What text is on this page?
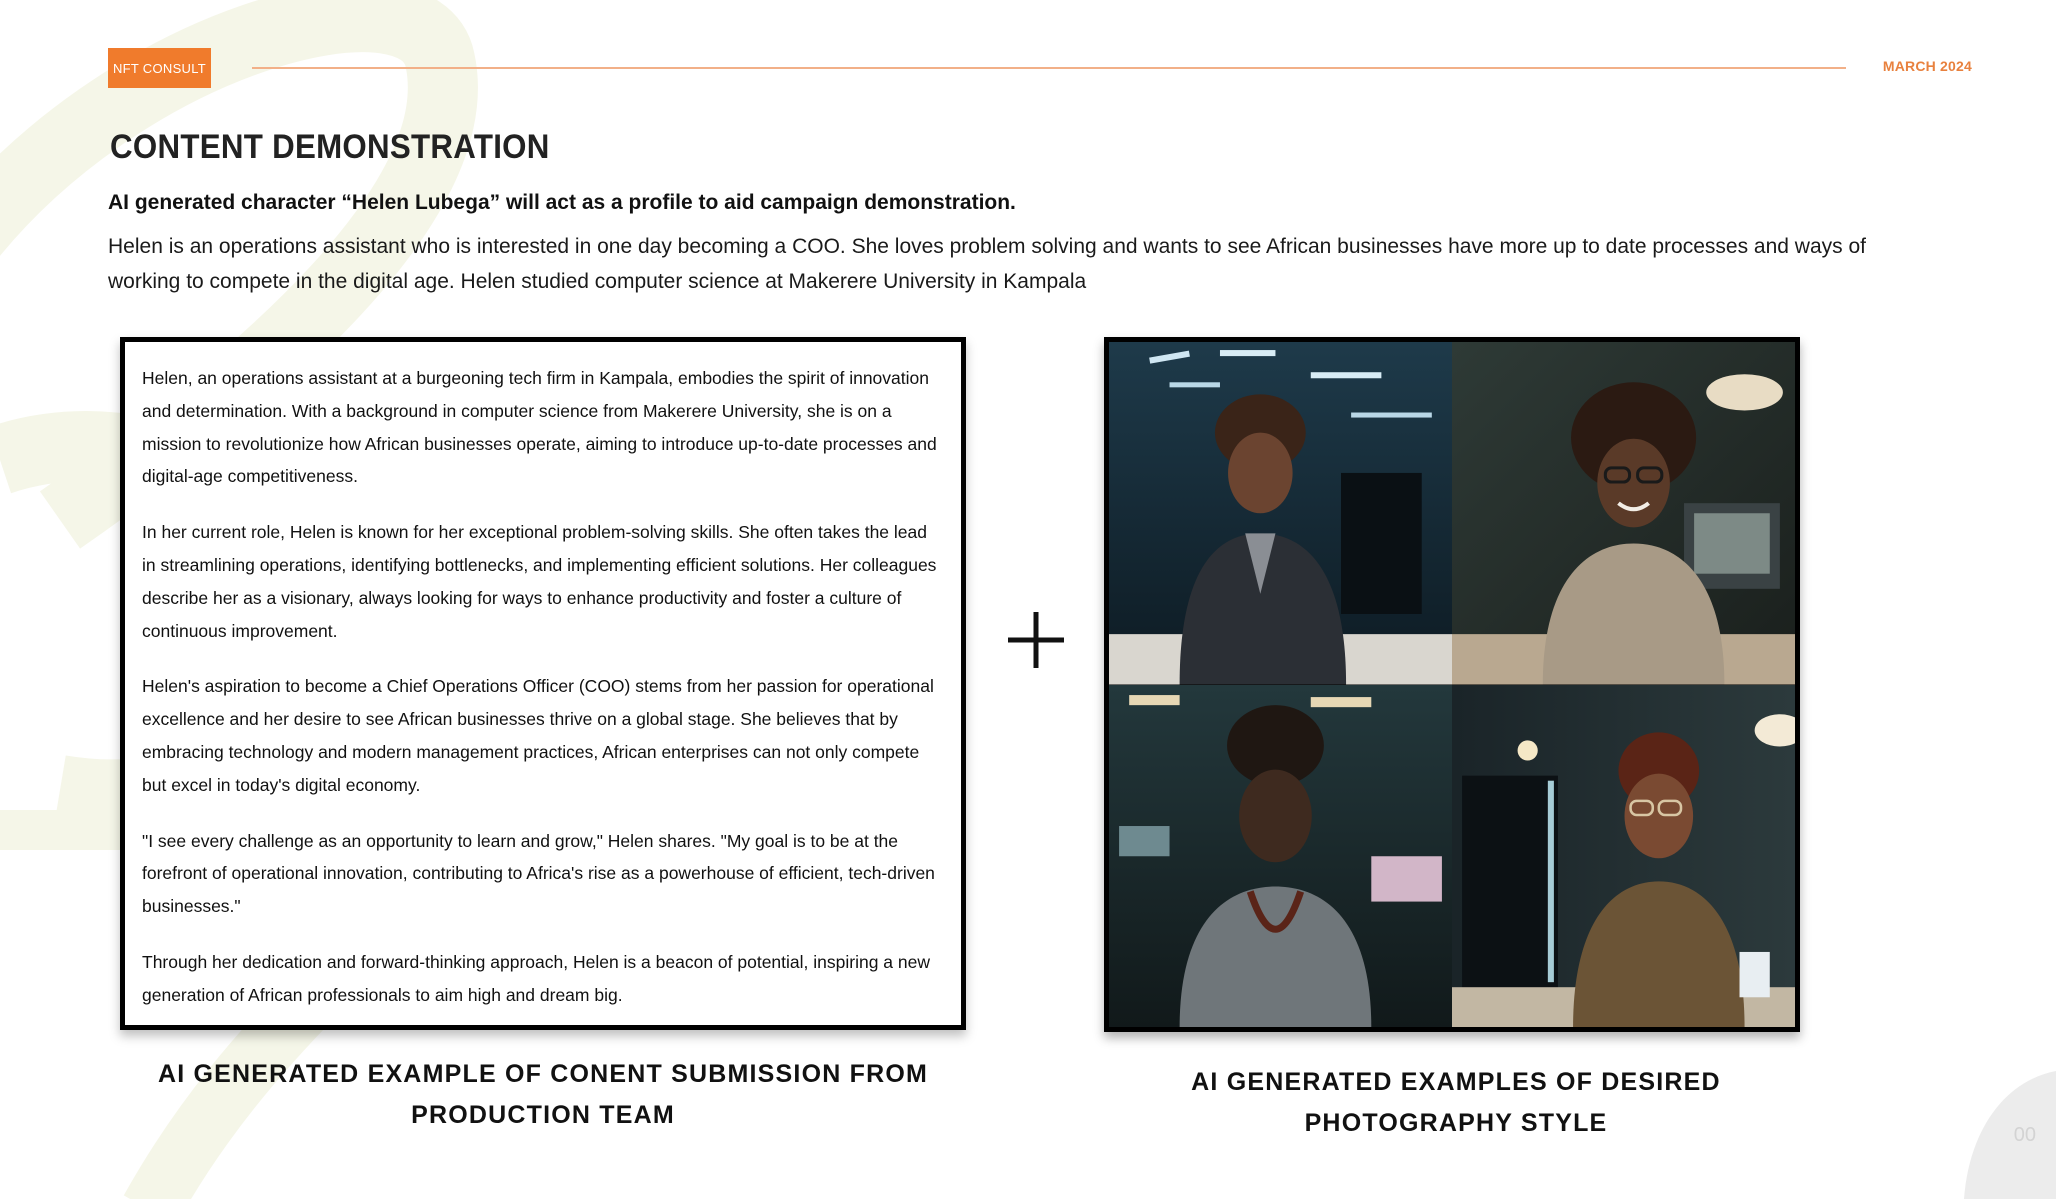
NFT CONSULT	MARCH 2024
CONTENT DEMONSTRATION
AI generated character “Helen Lubega” will act as a profile to aid campaign demonstration.
Helen is an operations assistant who is interested in one day becoming a COO. She loves problem solving and wants to see African businesses have more up to date processes and ways of working to compete in the digital age. Helen studied computer science at Makerere University in Kampala

Helen, an operations assistant at a burgeoning tech firm in Kampala, embodies the spirit of innovation and determination. With a background in computer science from Makerere University, she is on a mission to revolutionize how African businesses operate, aiming to introduce up-to-date processes and digital-age competitiveness.

In her current role, Helen is known for her exceptional problem-solving skills. She often takes the lead in streamlining operations, identifying bottlenecks, and implementing efficient solutions. Her colleagues describe her as a visionary, always looking for ways to enhance productivity and foster a culture of continuous improvement.

Helen's aspiration to become a Chief Operations Officer (COO) stems from her passion for operational excellence and her desire to see African businesses thrive on a global stage. She believes that by embracing technology and modern management practices, African enterprises can not only compete but excel in today's digital economy.

"I see every challenge as an opportunity to learn and grow," Helen shares. "My goal is to be at the forefront of operational innovation, contributing to Africa's rise as a powerhouse of efficient, tech-driven businesses."

Through her dedication and forward-thinking approach, Helen is a beacon of potential, inspiring a new generation of African professionals to aim high and dream big.

AI GENERATED EXAMPLE OF CONENT SUBMISSION FROM PRODUCTION TEAM
AI GENERATED EXAMPLES OF DESIRED PHOTOGRAPHY STYLE	00
